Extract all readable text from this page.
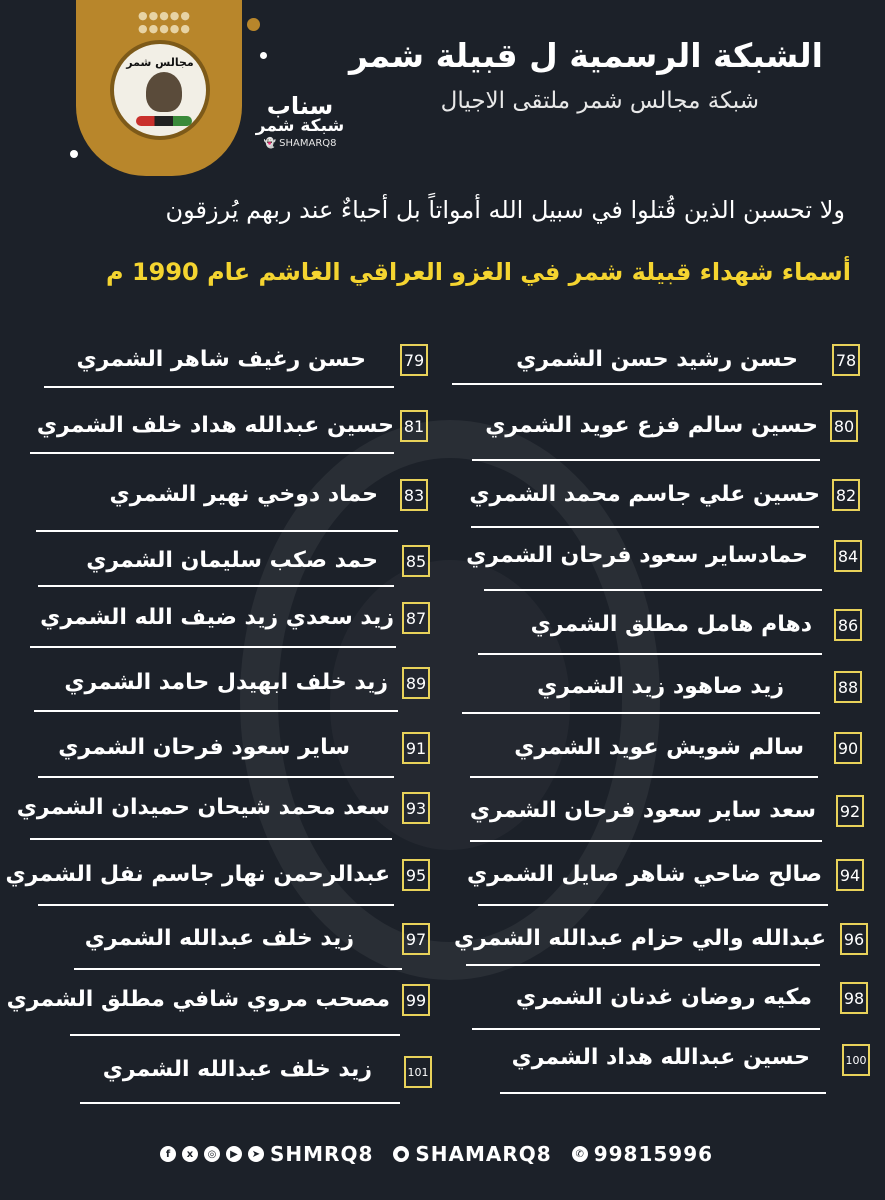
●●●●●
●●●●●
مجالس شمر
سناب
شبكة شمر
👻 SHAMARQ8
الشبكة الرسمية ل قبيلة شمر
شبكة مجالس شمر ملتقى الاجيال
ولا تحسبن الذين قُتلوا في سبيل الله أمواتاً بل أحياءٌ عند ربهم يُرزقون
أسماء شهداء قبيلة شمر في الغزو العراقي الغاشم عام 1990 م
78
حسن رشيد حسن الشمري
80
حسين سالم فزع عويد الشمري
82
حسين علي جاسم محمد الشمري
84
حمادساير سعود فرحان الشمري
86
دهام هامل مطلق الشمري
88
زيد صاهود زيد الشمري
90
سالم شويش عويد الشمري
92
سعد ساير سعود فرحان الشمري
94
صالح ضاحي شاهر صايل الشمري
96
عبدالله والي حزام عبدالله الشمري
98
مكيه روضان غدنان الشمري
100
حسين عبدالله هداد الشمري
79
حسن رغيف شاهر الشمري
81
حسين عبدالله هداد خلف الشمري
83
حماد دوخي نهير الشمري
85
حمد صكب سليمان الشمري
87
زيد سعدي زيد ضيف الله الشمري
89
زيد خلف ابهيدل حامد الشمري
91
ساير سعود فرحان الشمري
93
سعد محمد شيحان حميدان الشمري
95
عبدالرحمن نهار جاسم نفل الشمري
97
زيد خلف عبدالله الشمري
99
مصحب مروي شافي مطلق الشمري
101
زيد خلف عبدالله الشمري
f	x	◎	▶	➤ SHMRQ8	● SHAMARQ8	✆ 99815996
